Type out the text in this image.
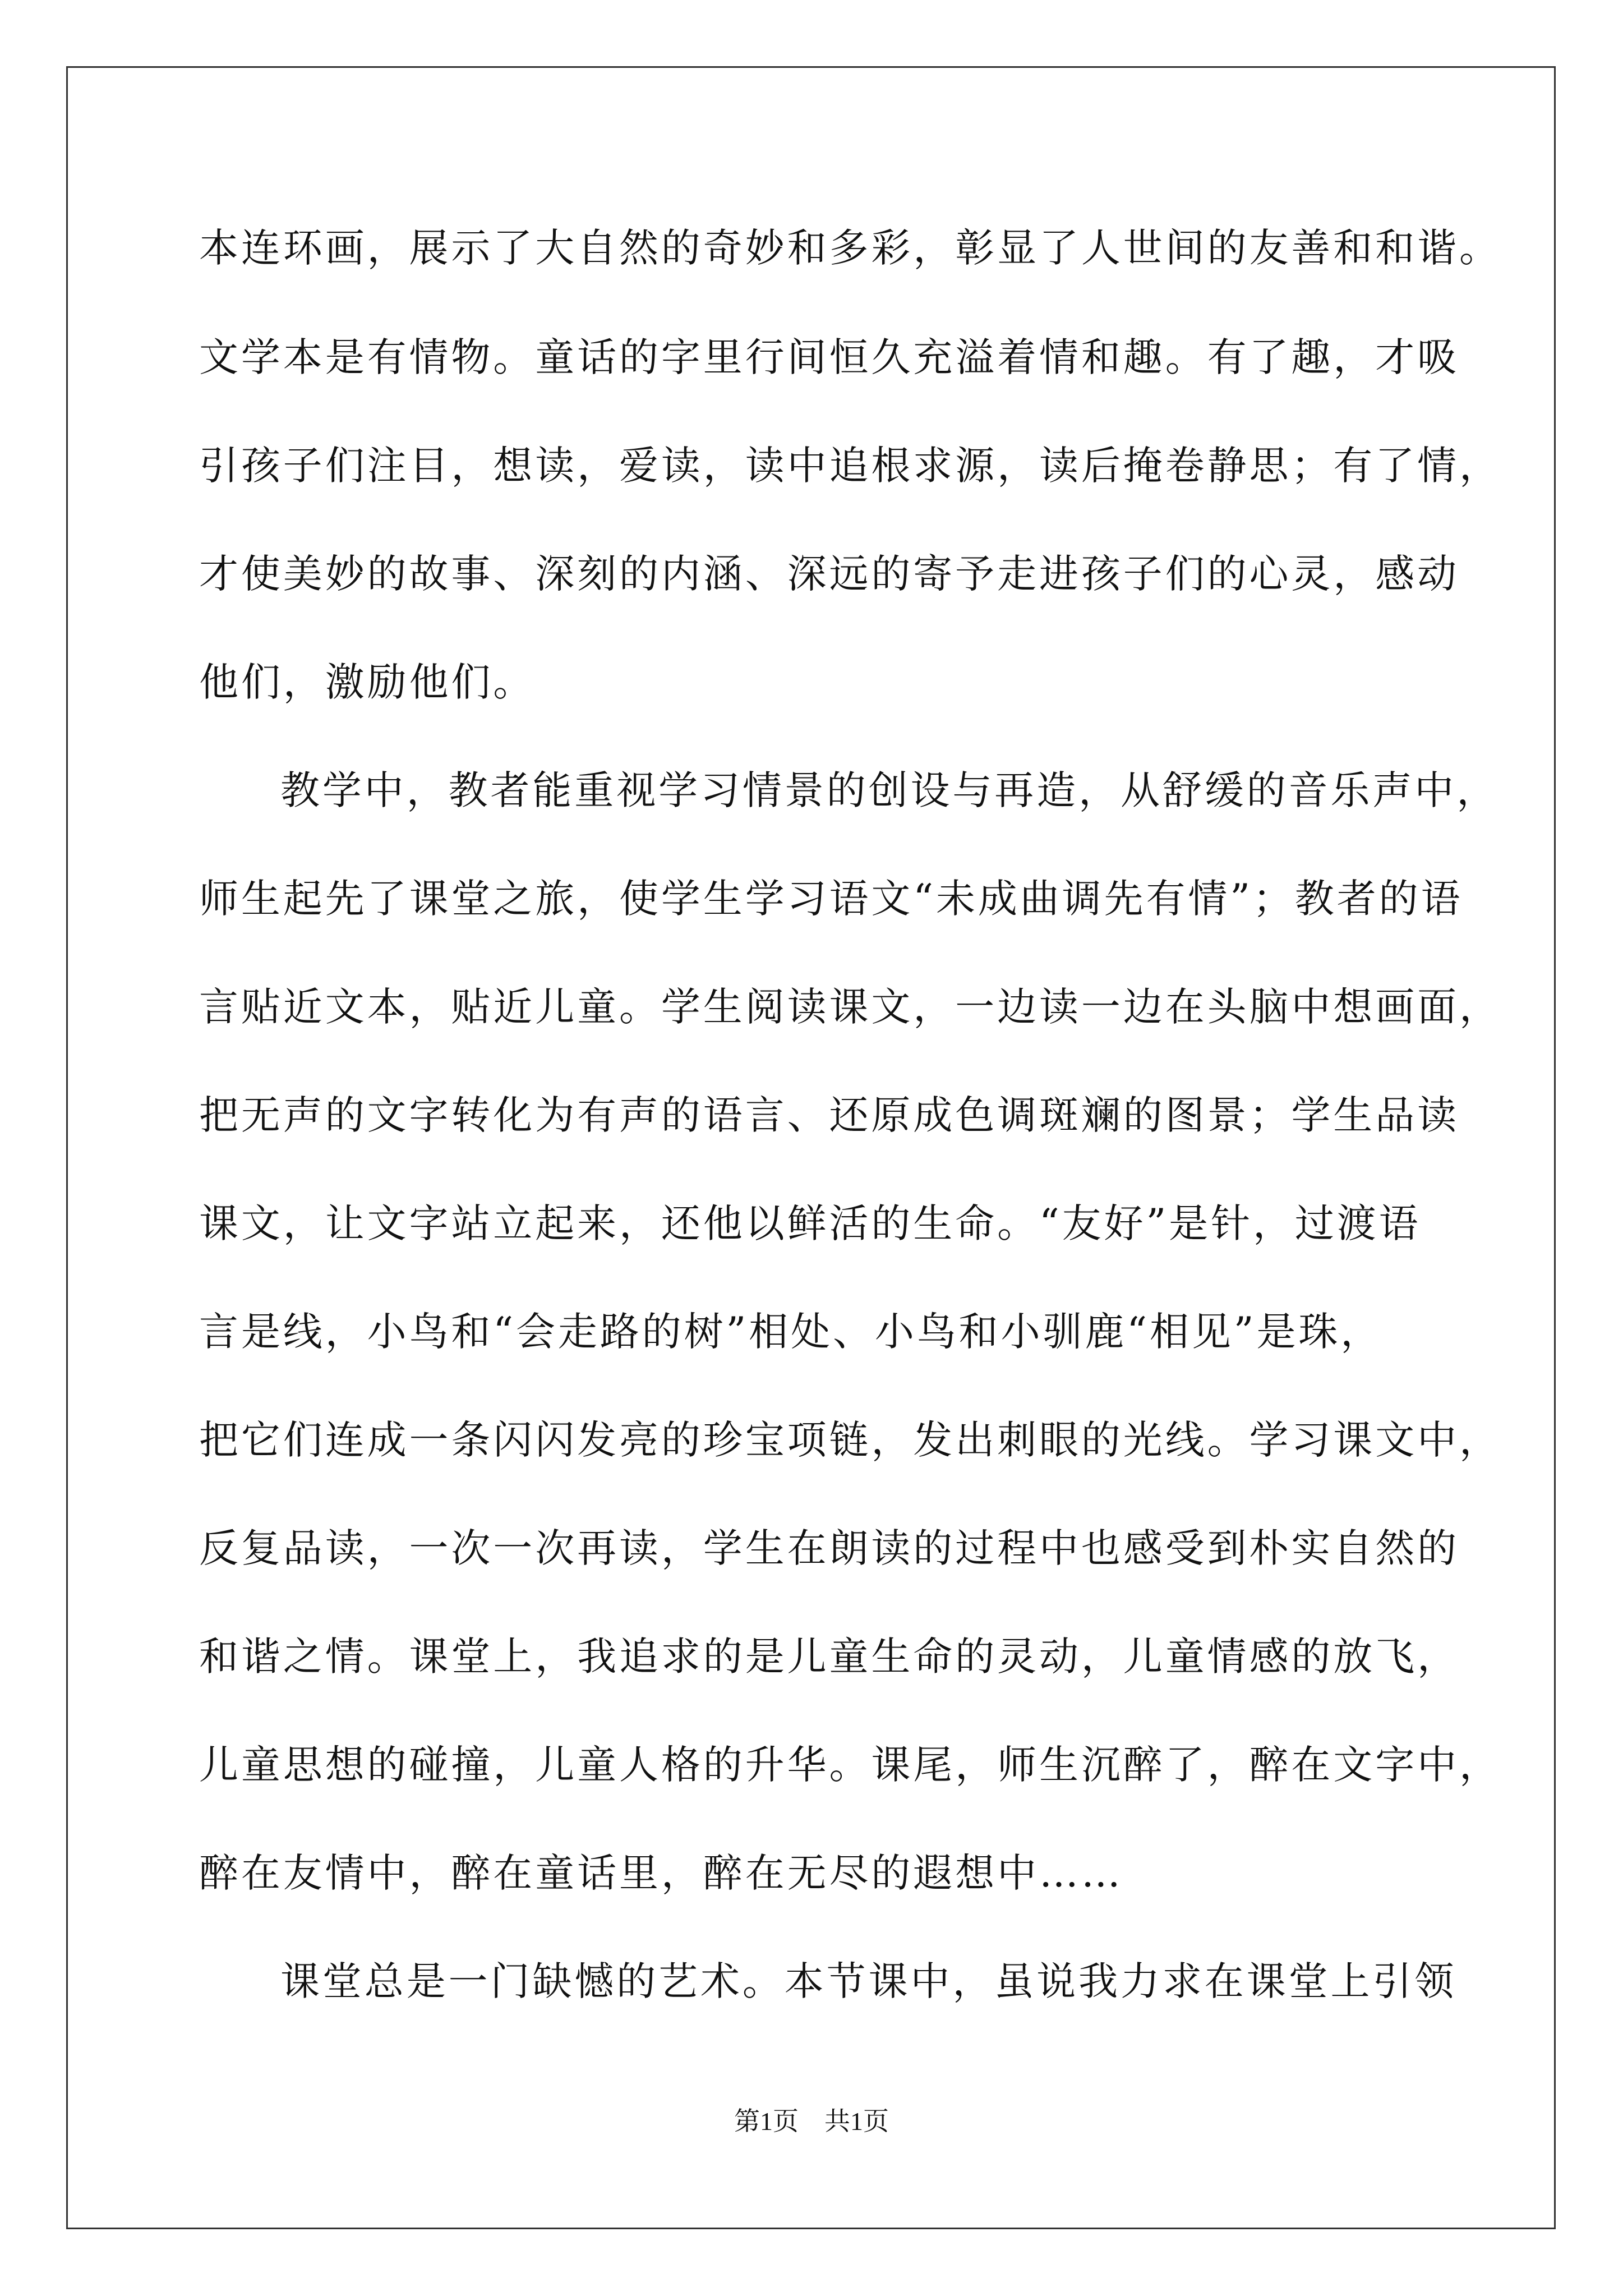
本连环画，展示了大自然的奇妙和多彩，彰显了人世间的友善和和谐。
文学本是有情物。童话的字里行间恒久充溢着情和趣。有了趣，才吸
引孩子们注目，想读，爱读，读中追根求源，读后掩卷静思；有了情，
才使美妙的故事、深刻的内涵、深远的寄予走进孩子们的心灵，感动
他们，激励他们。
教学中，教者能重视学习情景的创设与再造，从舒缓的音乐声中，
师生起先了课堂之旅，使学生学习语文“未成曲调先有情”；教者的语
言贴近文本，贴近儿童。学生阅读课文，一边读一边在头脑中想画面，
把无声的文字转化为有声的语言、还原成色调斑斓的图景；学生品读
课文，让文字站立起来，还他以鲜活的生命。“友好”是针，过渡语
言是线，小鸟和“会走路的树”相处、小鸟和小驯鹿“相见”是珠，
把它们连成一条闪闪发亮的珍宝项链，发出刺眼的光线。学习课文中，
反复品读，一次一次再读，学生在朗读的过程中也感受到朴实自然的
和谐之情。课堂上，我追求的是儿童生命的灵动，儿童情感的放飞，
儿童思想的碰撞，儿童人格的升华。课尾，师生沉醉了，醉在文字中，
醉在友情中，醉在童话里，醉在无尽的遐想中……
课堂总是一门缺憾的艺术。本节课中，虽说我力求在课堂上引领
第1页 共1页
